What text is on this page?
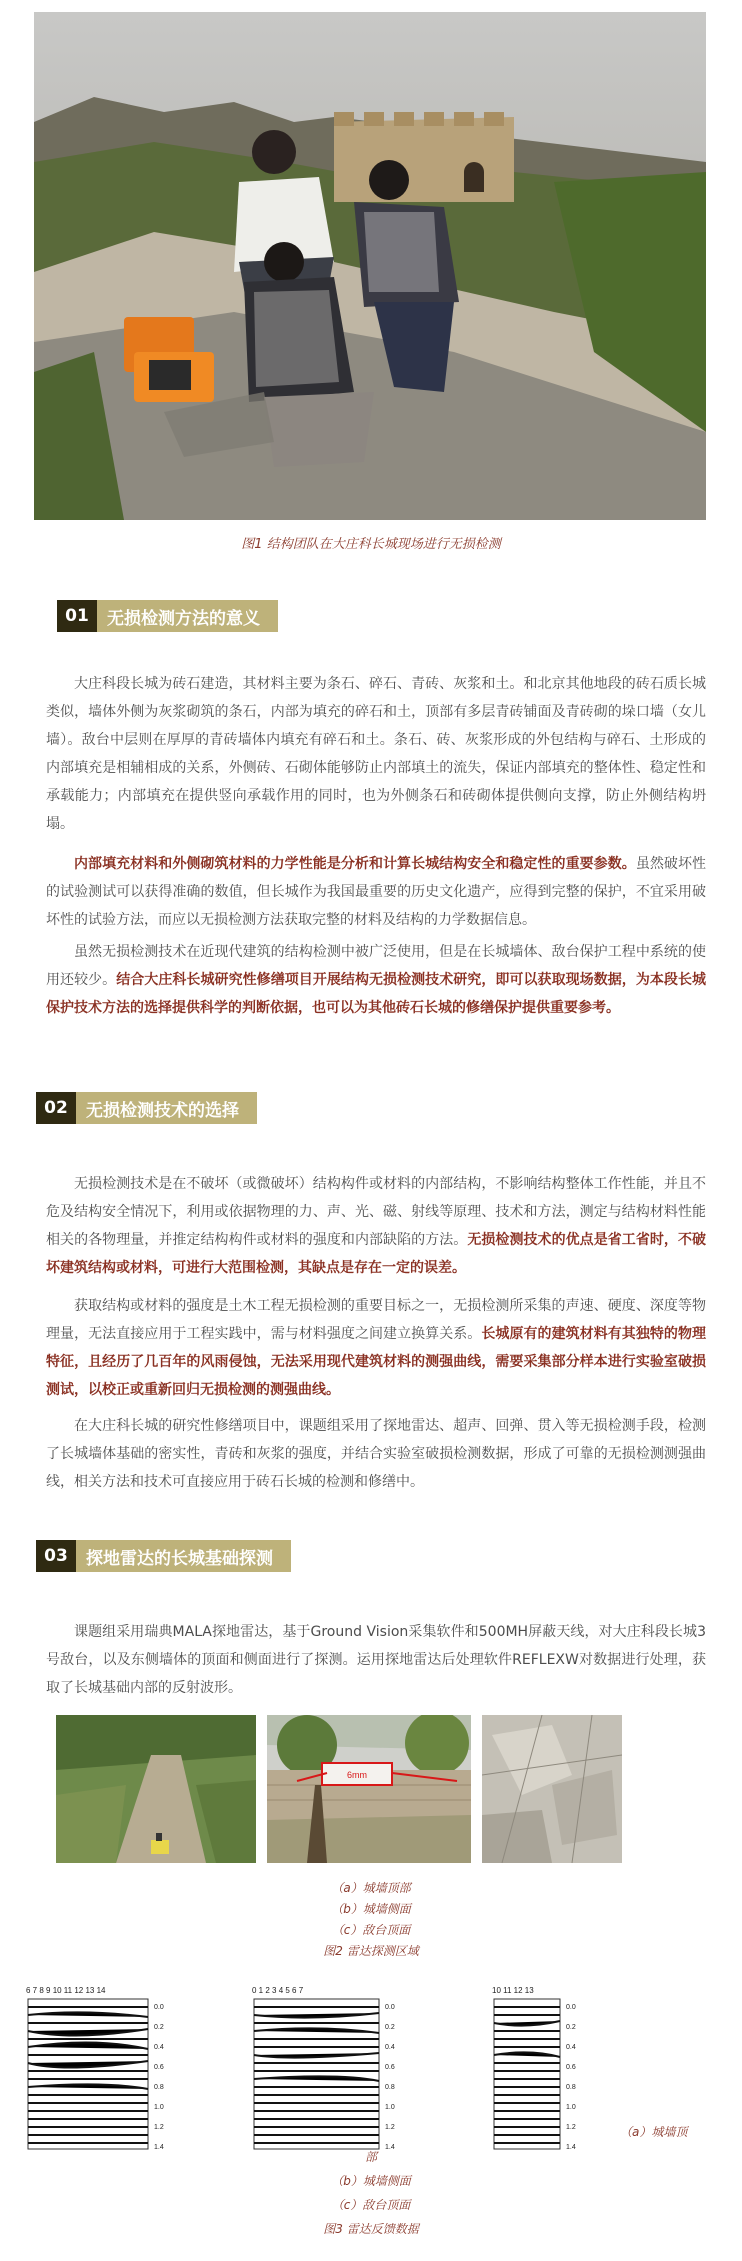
图1 结构团队在大庄科长城现场进行无损检测
01	无损检测方法的意义

大庄科段长城为砖石建造，其材料主要为条石、碎石、青砖、灰浆和土。和北京其他地段的砖石质长城类似，墙体外侧为灰浆砌筑的条石，内部为填充的碎石和土，顶部有多层青砖铺面及青砖砌的垛口墙（女儿墙）。敌台中层则在厚厚的青砖墙体内填充有碎石和土。条石、砖、灰浆形成的外包结构与碎石、土形成的内部填充是相辅相成的关系，外侧砖、石砌体能够防止内部填土的流失，保证内部填充的整体性、稳定性和承载能力；内部填充在提供竖向承载作用的同时，也为外侧条石和砖砌体提供侧向支撑，防止外侧结构坍塌。

内部填充材料和外侧砌筑材料的力学性能是分析和计算长城结构安全和稳定性的重要参数。虽然破坏性的试验测试可以获得准确的数值，但长城作为我国最重要的历史文化遗产，应得到完整的保护，不宜采用破坏性的试验方法，而应以无损检测方法获取完整的材料及结构的力学数据信息。

虽然无损检测技术在近现代建筑的结构检测中被广泛使用，但是在长城墙体、敌台保护工程中系统的使用还较少。结合大庄科长城研究性修缮项目开展结构无损检测技术研究，即可以获取现场数据，为本段长城保护技术方法的选择提供科学的判断依据，也可以为其他砖石长城的修缮保护提供重要参考。

02	无损检测技术的选择

无损检测技术是在不破坏（或微破坏）结构构件或材料的内部结构，不影响结构整体工作性能，并且不危及结构安全情况下，利用或依据物理的力、声、光、磁、射线等原理、技术和方法，测定与结构材料性能相关的各物理量，并推定结构构件或材料的强度和内部缺陷的方法。无损检测技术的优点是省工省时，不破坏建筑结构或材料，可进行大范围检测，其缺点是存在一定的误差。

获取结构或材料的强度是土木工程无损检测的重要目标之一，无损检测所采集的声速、硬度、深度等物理量，无法直接应用于工程实践中，需与材料强度之间建立换算关系。长城原有的建筑材料有其独特的物理特征，且经历了几百年的风雨侵蚀，无法采用现代建筑材料的测强曲线，需要采集部分样本进行实验室破损测试，以校正或重新回归无损检测的测强曲线。

在大庄科长城的研究性修缮项目中，课题组采用了探地雷达、超声、回弹、贯入等无损检测手段，检测了长城墙体基础的密实性，青砖和灰浆的强度，并结合实验室破损检测数据，形成了可靠的无损检测测强曲线，相关方法和技术可直接应用于砖石长城的检测和修缮中。

03	探地雷达的长城基础探测

课题组采用瑞典MALA探地雷达，基于Ground Vision采集软件和500MH屏蔽天线，对大庄科段长城3号敌台，以及东侧墙体的顶面和侧面进行了探测。运用探地雷达后处理软件REFLEXW对数据进行处理，获取了长城基础内部的反射波形。

6mm
（a）城墙顶部
（b）城墙侧面
（c）敌台顶面
图2 雷达探测区域
6 7 8 9 10 11 12 13 14
0.0
0.2
0.4
0.6
0.8
1.0
1.2
1.4
0 1 2 3 4 5 6 7
0.0
0.2
0.4
0.6
0.8
1.0
1.2
1.4
10 11 12 13
0.0
0.2
0.4
0.6
0.8
1.0
1.2
1.4
（a）城墙顶
部
（b）城墙侧面
（c）敌台顶面
图3 雷达反馈数据
